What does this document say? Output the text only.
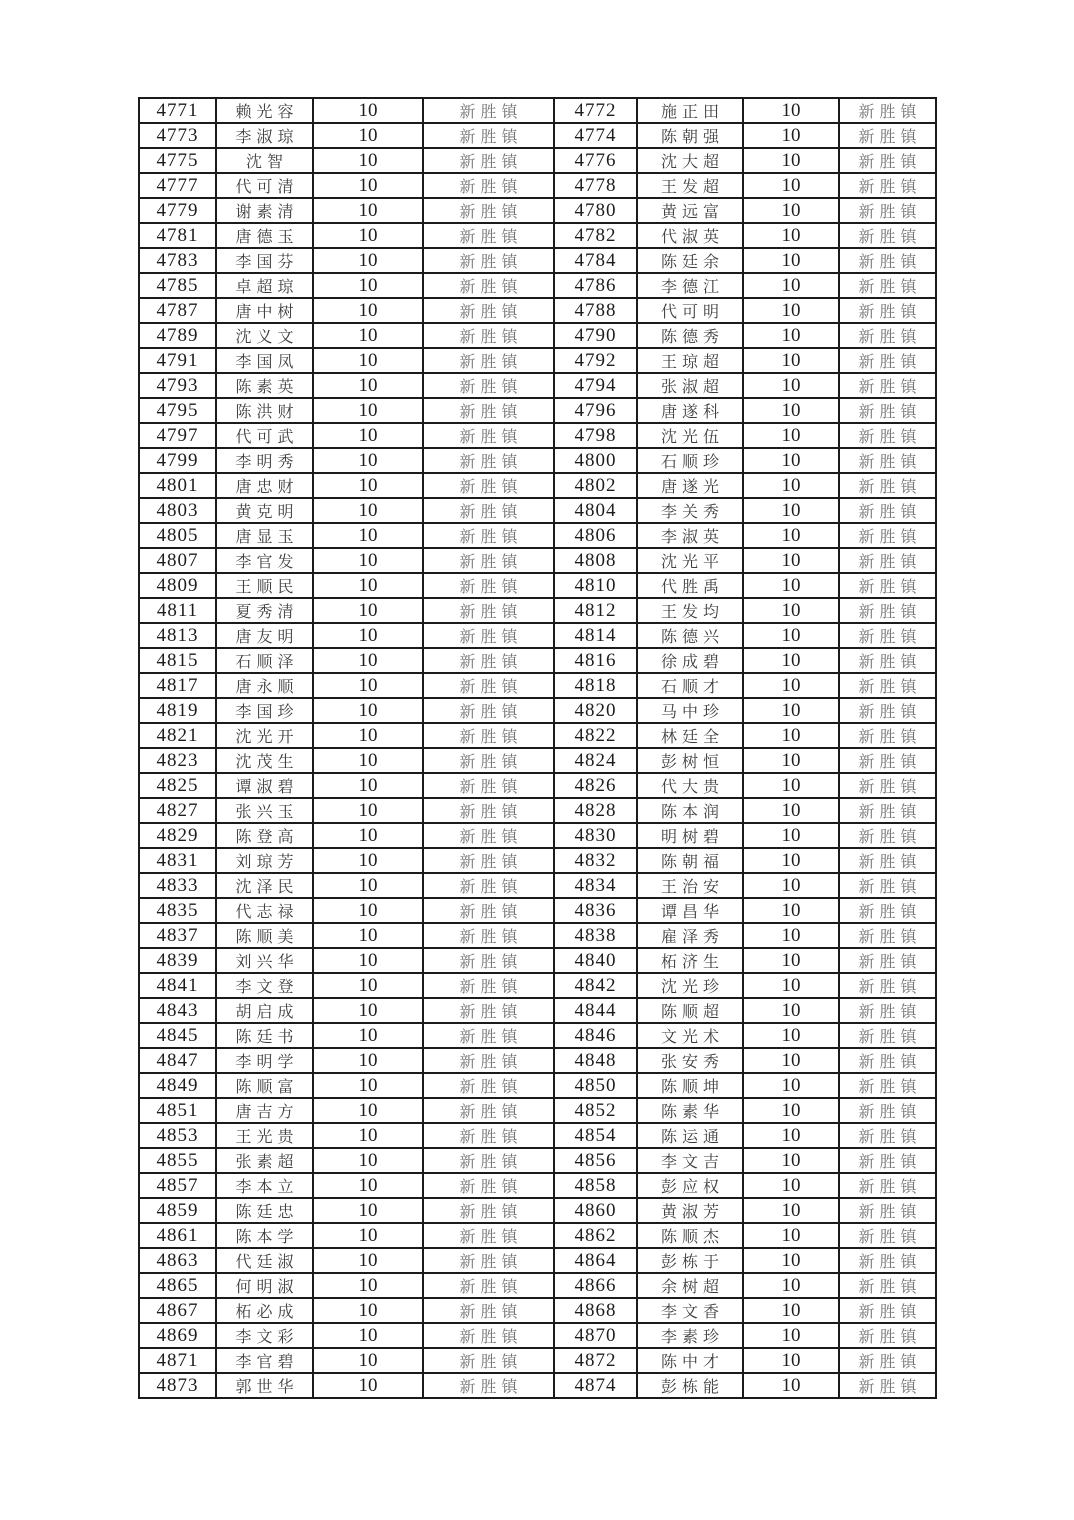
4771	赖光容	10	新胜镇	4772	施正田	10	新胜镇
4773	李淑琼	10	新胜镇	4774	陈朝强	10	新胜镇
4775	沈智	10	新胜镇	4776	沈大超	10	新胜镇
4777	代可清	10	新胜镇	4778	王发超	10	新胜镇
4779	谢素清	10	新胜镇	4780	黄远富	10	新胜镇
4781	唐德玉	10	新胜镇	4782	代淑英	10	新胜镇
4783	李国芬	10	新胜镇	4784	陈廷余	10	新胜镇
4785	卓超琼	10	新胜镇	4786	李德江	10	新胜镇
4787	唐中树	10	新胜镇	4788	代可明	10	新胜镇
4789	沈义文	10	新胜镇	4790	陈德秀	10	新胜镇
4791	李国凤	10	新胜镇	4792	王琼超	10	新胜镇
4793	陈素英	10	新胜镇	4794	张淑超	10	新胜镇
4795	陈洪财	10	新胜镇	4796	唐遂科	10	新胜镇
4797	代可武	10	新胜镇	4798	沈光伍	10	新胜镇
4799	李明秀	10	新胜镇	4800	石顺珍	10	新胜镇
4801	唐忠财	10	新胜镇	4802	唐遂光	10	新胜镇
4803	黄克明	10	新胜镇	4804	李关秀	10	新胜镇
4805	唐显玉	10	新胜镇	4806	李淑英	10	新胜镇
4807	李官发	10	新胜镇	4808	沈光平	10	新胜镇
4809	王顺民	10	新胜镇	4810	代胜禹	10	新胜镇
4811	夏秀清	10	新胜镇	4812	王发均	10	新胜镇
4813	唐友明	10	新胜镇	4814	陈德兴	10	新胜镇
4815	石顺泽	10	新胜镇	4816	徐成碧	10	新胜镇
4817	唐永顺	10	新胜镇	4818	石顺才	10	新胜镇
4819	李国珍	10	新胜镇	4820	马中珍	10	新胜镇
4821	沈光开	10	新胜镇	4822	林廷全	10	新胜镇
4823	沈茂生	10	新胜镇	4824	彭树恒	10	新胜镇
4825	谭淑碧	10	新胜镇	4826	代大贵	10	新胜镇
4827	张兴玉	10	新胜镇	4828	陈本润	10	新胜镇
4829	陈登高	10	新胜镇	4830	明树碧	10	新胜镇
4831	刘琼芳	10	新胜镇	4832	陈朝福	10	新胜镇
4833	沈泽民	10	新胜镇	4834	王治安	10	新胜镇
4835	代志禄	10	新胜镇	4836	谭昌华	10	新胜镇
4837	陈顺美	10	新胜镇	4838	雇泽秀	10	新胜镇
4839	刘兴华	10	新胜镇	4840	柘济生	10	新胜镇
4841	李文登	10	新胜镇	4842	沈光珍	10	新胜镇
4843	胡启成	10	新胜镇	4844	陈顺超	10	新胜镇
4845	陈廷书	10	新胜镇	4846	文光术	10	新胜镇
4847	李明学	10	新胜镇	4848	张安秀	10	新胜镇
4849	陈顺富	10	新胜镇	4850	陈顺坤	10	新胜镇
4851	唐吉方	10	新胜镇	4852	陈素华	10	新胜镇
4853	王光贵	10	新胜镇	4854	陈运通	10	新胜镇
4855	张素超	10	新胜镇	4856	李文吉	10	新胜镇
4857	李本立	10	新胜镇	4858	彭应权	10	新胜镇
4859	陈廷忠	10	新胜镇	4860	黄淑芳	10	新胜镇
4861	陈本学	10	新胜镇	4862	陈顺杰	10	新胜镇
4863	代廷淑	10	新胜镇	4864	彭栋于	10	新胜镇
4865	何明淑	10	新胜镇	4866	余树超	10	新胜镇
4867	柘必成	10	新胜镇	4868	李文香	10	新胜镇
4869	李文彩	10	新胜镇	4870	李素珍	10	新胜镇
4871	李官碧	10	新胜镇	4872	陈中才	10	新胜镇
4873	郭世华	10	新胜镇	4874	彭栋能	10	新胜镇
